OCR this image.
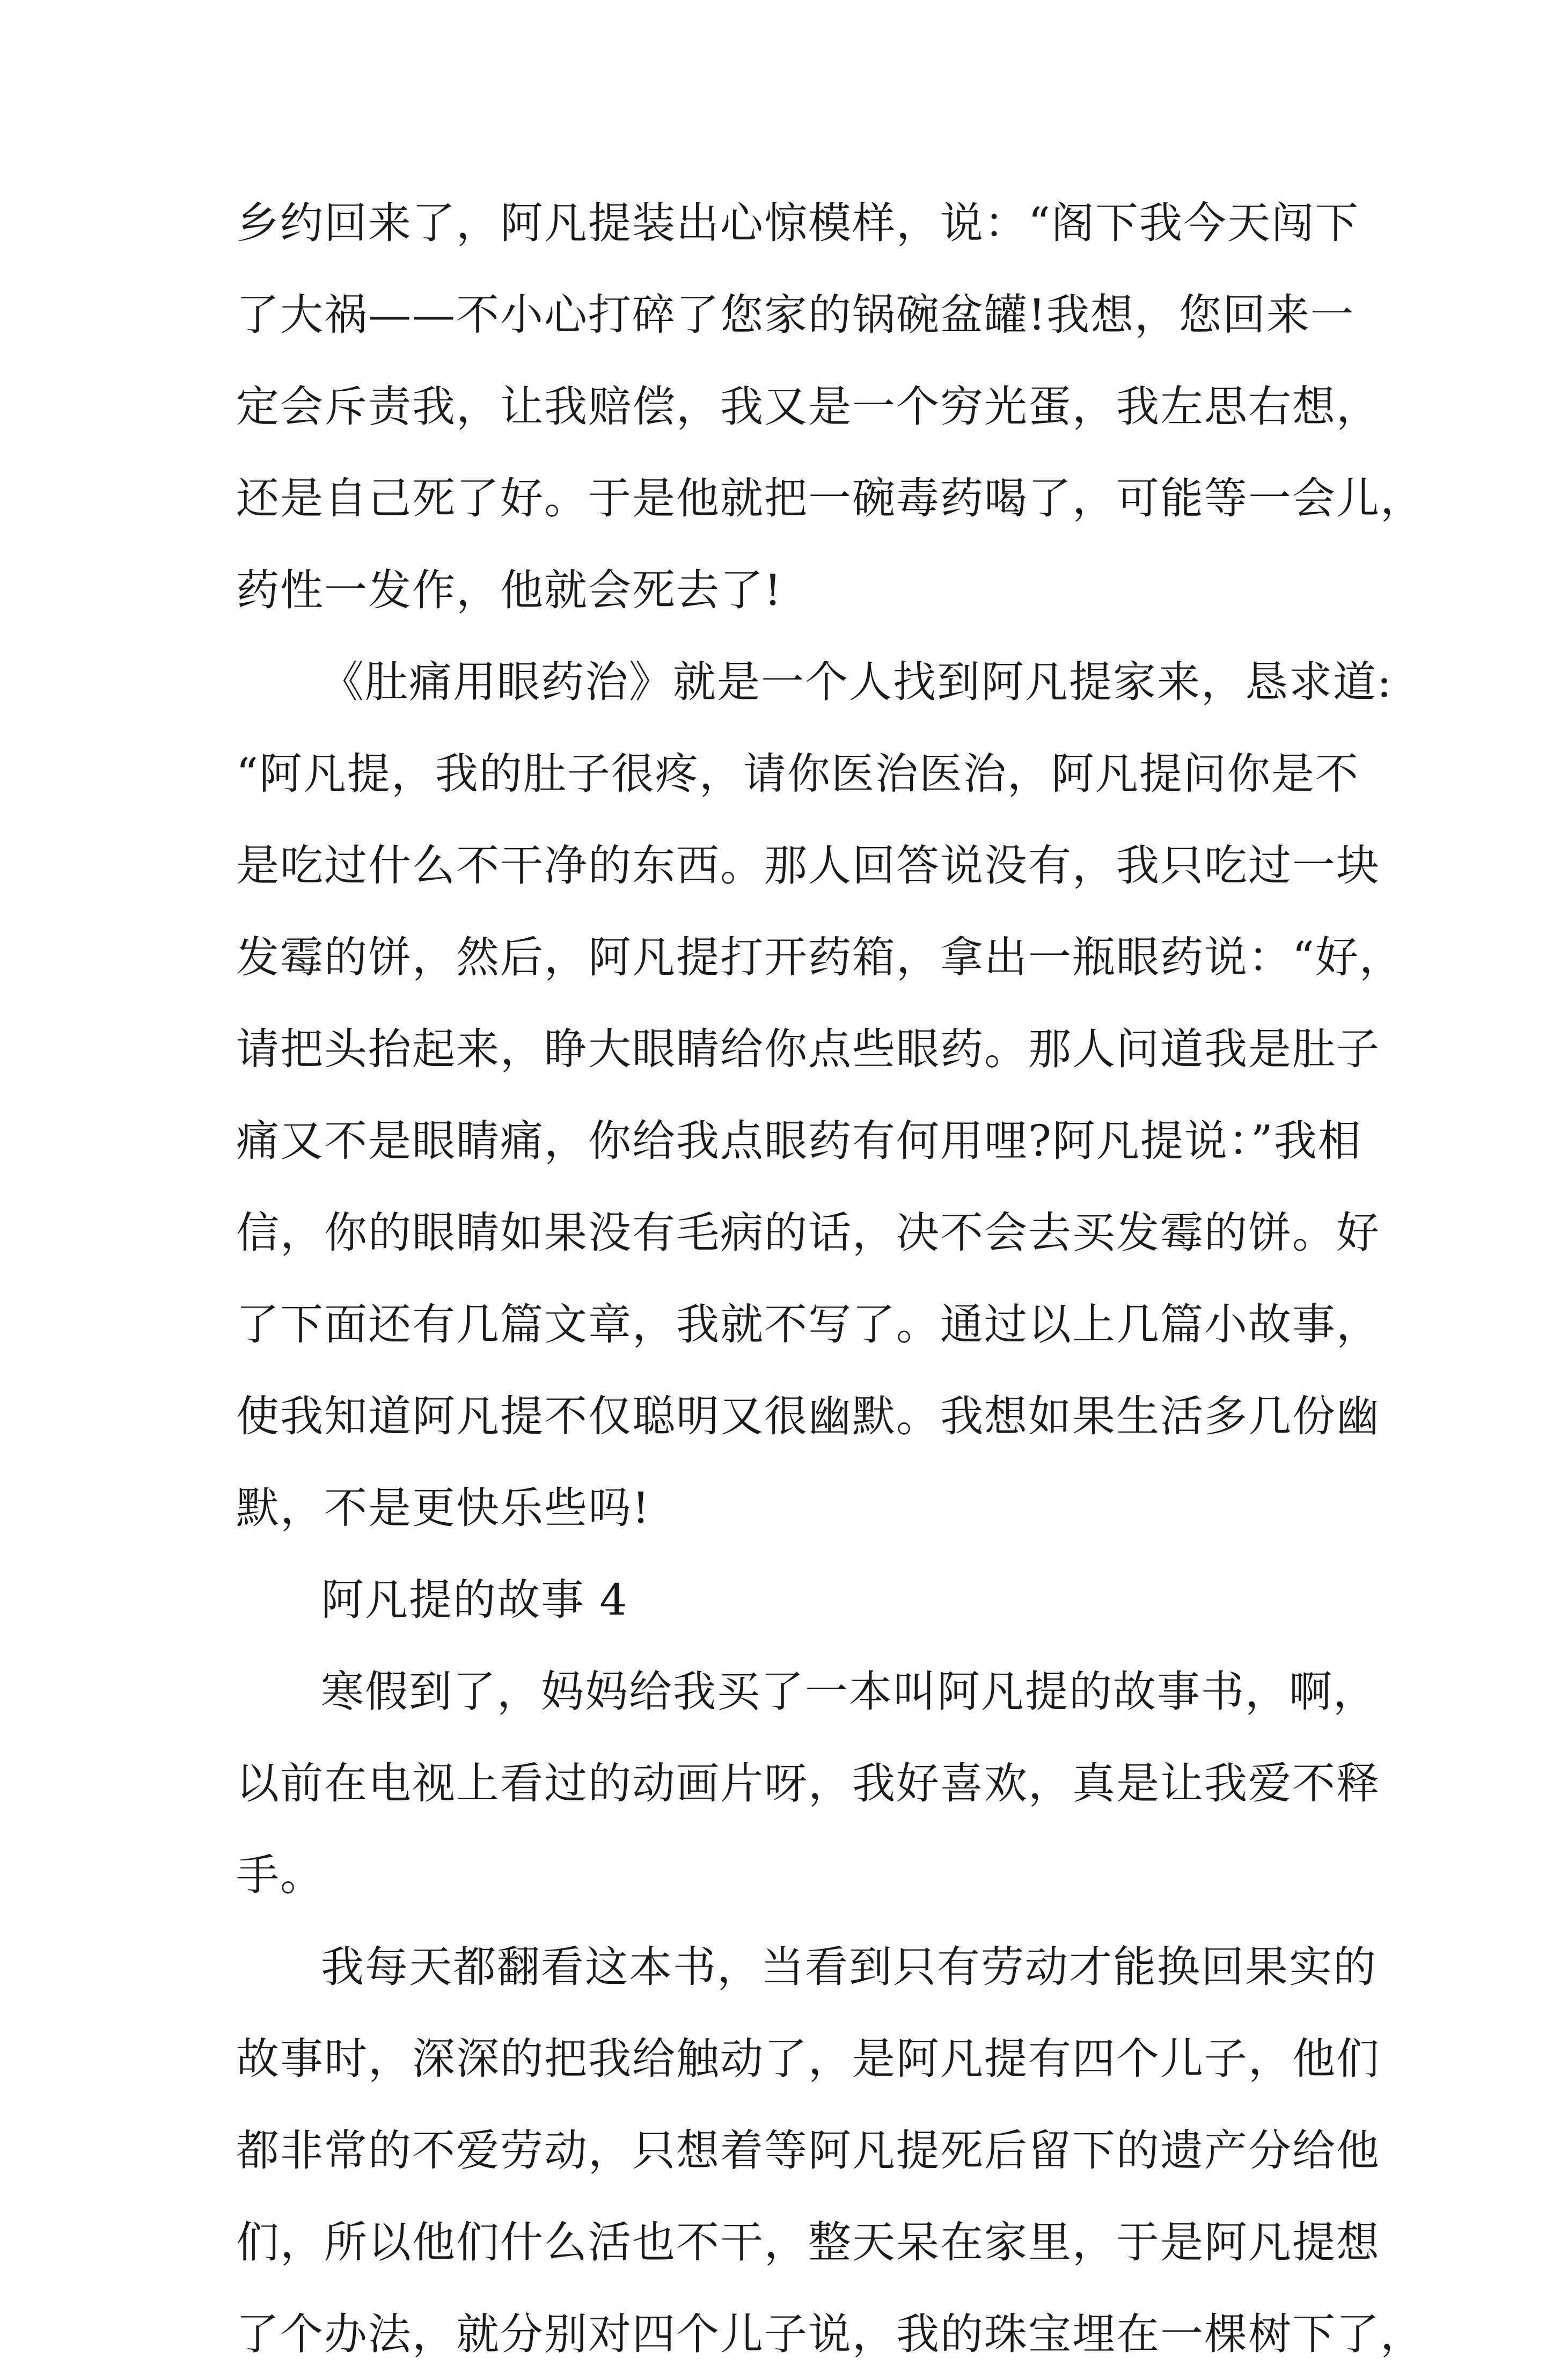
乡约回来了，阿凡提装出心惊模样，说：“阁下我今天闯下
了大祸——不小心打碎了您家的锅碗盆罐!我想，您回来一
定会斥责我，让我赔偿，我又是一个穷光蛋，我左思右想，
还是自己死了好。于是他就把一碗毒药喝了，可能等一会儿，
药性一发作，他就会死去了!
《肚痛用眼药治》就是一个人找到阿凡提家来，恳求道:
“阿凡提，我的肚子很疼，请你医治医治，阿凡提问你是不
是吃过什么不干净的东西。那人回答说没有，我只吃过一块
发霉的饼，然后，阿凡提打开药箱，拿出一瓶眼药说：“好，
请把头抬起来，睁大眼睛给你点些眼药。那人问道我是肚子
痛又不是眼睛痛，你给我点眼药有何用哩?阿凡提说：”我相
信，你的眼睛如果没有毛病的话，决不会去买发霉的饼。好
了下面还有几篇文章，我就不写了。通过以上几篇小故事，
使我知道阿凡提不仅聪明又很幽默。我想如果生活多几份幽
默，不是更快乐些吗!
阿凡提的故事 4
寒假到了，妈妈给我买了一本叫阿凡提的故事书，啊，
以前在电视上看过的动画片呀，我好喜欢，真是让我爱不释
手。
我每天都翻看这本书，当看到只有劳动才能换回果实的
故事时，深深的把我给触动了，是阿凡提有四个儿子，他们
都非常的不爱劳动，只想着等阿凡提死后留下的遗产分给他
们，所以他们什么活也不干，整天呆在家里，于是阿凡提想
了个办法，就分别对四个儿子说，我的珠宝埋在一棵树下了，
